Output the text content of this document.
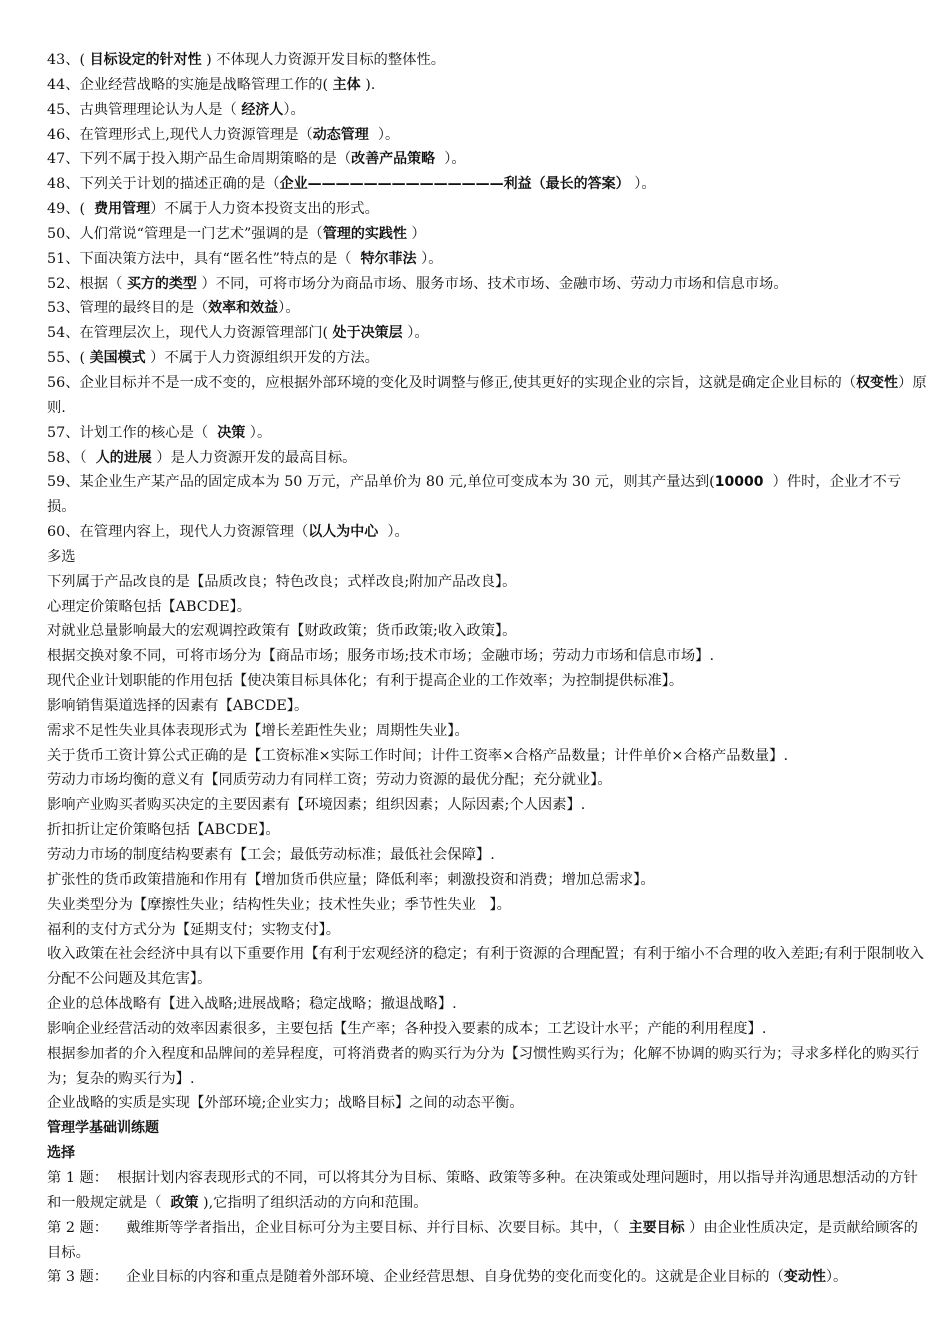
43、( 目标设定的针对性 ) 不体现人力资源开发目标的整体性。

44、企业经营战略的实施是战略管理工作的( 主体 ).

45、古典管理理论认为人是（ 经济人）。

46、在管理形式上,现代人力资源管理是（动态管理  ）。

47、下列不属于投入期产品生命周期策略的是（改善产品策略  ）。

48、下列关于计划的描述正确的是（企业——————————————利益（最长的答案） ）。

49、(  费用管理）不属于人力资本投资支出的形式。

50、人们常说“管理是一门艺术”强调的是（管理的实践性 ）

51、下面决策方法中，具有“匿名性”特点的是（  特尔菲法 ）。

52、根据（ 买方的类型 ）不同，可将市场分为商品市场、服务市场、技术市场、金融市场、劳动力市场和信息市场。

53、管理的最终目的是（效率和效益）。

54、在管理层次上，现代人力资源管理部门( 处于决策层 ）。

55、( 美国模式 ）不属于人力资源组织开发的方法。

56、企业目标并不是一成不变的，应根据外部环境的变化及时调整与修正,使其更好的实现企业的宗旨，这就是确定企业目标的（权变性）原则.

57、计划工作的核心是（  决策 ）。

58、（  人的进展 ）是人力资源开发的最高目标。

59、某企业生产某产品的固定成本为 50 万元，产品单价为 80 元,单位可变成本为 30 元，则其产量达到(10000  ）件时，企业才不亏损。

60、在管理内容上，现代人力资源管理（以人为中心  ）。

多选

下列属于产品改良的是【品质改良；特色改良；式样改良;附加产品改良】。

心理定价策略包括【ABCDE】。

对就业总量影响最大的宏观调控政策有【财政政策；货币政策;收入政策】。

根据交换对象不同，可将市场分为【商品市场；服务市场;技术市场；金融市场；劳动力市场和信息市场】.

现代企业计划职能的作用包括【使决策目标具体化；有利于提高企业的工作效率；为控制提供标准】。

影响销售渠道选择的因素有【ABCDE】。

需求不足性失业具体表现形式为【增长差距性失业；周期性失业】。

关于货币工资计算公式正确的是【工资标准×实际工作时间；计件工资率×合格产品数量；计件单价×合格产品数量】.

劳动力市场均衡的意义有【同质劳动力有同样工资；劳动力资源的最优分配；充分就业】。

影响产业购买者购买决定的主要因素有【环境因素；组织因素；人际因素;个人因素】.

折扣折让定价策略包括【ABCDE】。

劳动力市场的制度结构要素有【工会；最低劳动标准；最低社会保障】.

扩张性的货币政策措施和作用有【增加货币供应量；降低利率；刺激投资和消费；增加总需求】。

失业类型分为【摩擦性失业；结构性失业；技术性失业；季节性失业   】。

福利的支付方式分为【延期支付；实物支付】。

收入政策在社会经济中具有以下重要作用【有利于宏观经济的稳定；有利于资源的合理配置；有利于缩小不合理的收入差距;有利于限制收入分配不公问题及其危害】。

企业的总体战略有【进入战略;进展战略；稳定战略；撤退战略】.

影响企业经营活动的效率因素很多，主要包括【生产率；各种投入要素的成本；工艺设计水平；产能的利用程度】.

根据参加者的介入程度和品牌间的差异程度，可将消费者的购买行为分为【习惯性购买行为；化解不协调的购买行为；寻求多样化的购买行为；复杂的购买行为】.

企业战略的实质是实现【外部环境;企业实力；战略目标】之间的动态平衡。

管理学基础训练题

选择

第 1 题：  根据计划内容表现形式的不同，可以将其分为目标、策略、政策等多种。在决策或处理问题时，用以指导并沟通思想活动的方针和一般规定就是（  政策 ),它指明了组织活动的方向和范围。

第 2 题：    戴维斯等学者指出，企业目标可分为主要目标、并行目标、次要目标。其中，（  主要目标 ）由企业性质决定，是贡献给顾客的目标。

第 3 题：    企业目标的内容和重点是随着外部环境、企业经营思想、自身优势的变化而变化的。这就是企业目标的（变动性）。
